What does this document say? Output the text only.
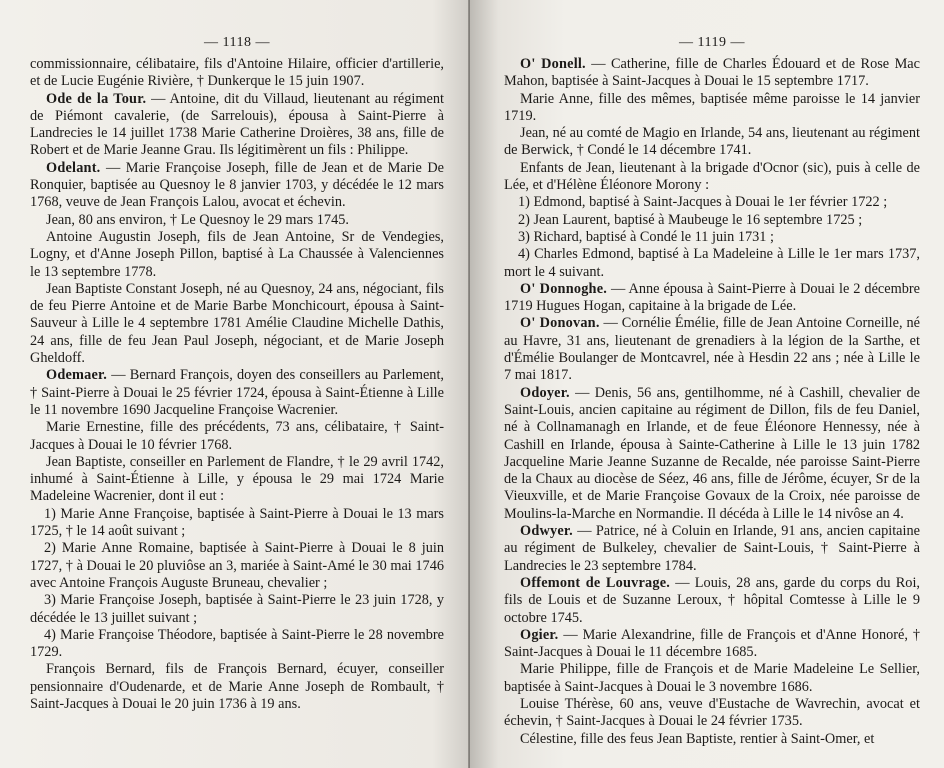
— 1118 —

commissionnaire, célibataire, fils d'Antoine Hilaire, officier d'artillerie, et de Lucie Eugénie Rivière, † Dunkerque le 15 juin 1907.

Ode de la Tour. — Antoine, dit du Villaud, lieutenant au régiment de Piémont cavalerie, (de Sarrelouis), épousa à Saint-Pierre à Landrecies le 14 juillet 1738 Marie Catherine Droières, 38 ans, fille de Robert et de Marie Jeanne Grau. Ils légitimèrent un fils : Philippe.

Odelant. — Marie Françoise Joseph, fille de Jean et de Marie De Ronquier, baptisée au Quesnoy le 8 janvier 1703, y décédée le 12 mars 1768, veuve de Jean François Lalou, avocat et échevin.

Jean, 80 ans environ, † Le Quesnoy le 29 mars 1745.

Antoine Augustin Joseph, fils de Jean Antoine, Sr de Vendegies, Logny, et d'Anne Joseph Pillon, baptisé à La Chaussée à Valenciennes le 13 septembre 1778.

Jean Baptiste Constant Joseph, né au Quesnoy, 24 ans, négociant, fils de feu Pierre Antoine et de Marie Barbe Monchicourt, épousa à Saint-Sauveur à Lille le 4 septembre 1781 Amélie Claudine Michelle Dathis, 24 ans, fille de feu Jean Paul Joseph, négociant, et de Marie Joseph Gheldoff.

Odemaer. — Bernard François, doyen des conseillers au Parlement, † Saint-Pierre à Douai le 25 février 1724, épousa à Saint-Étienne à Lille le 11 novembre 1690 Jacqueline Françoise Wacrenier.

Marie Ernestine, fille des précédents, 73 ans, célibataire, † Saint-Jacques à Douai le 10 février 1768.

Jean Baptiste, conseiller en Parlement de Flandre, † le 29 avril 1742, inhumé à Saint-Étienne à Lille, y épousa le 29 mai 1724 Marie Madeleine Wacrenier, dont il eut :

1) Marie Anne Françoise, baptisée à Saint-Pierre à Douai le 13 mars 1725, † le 14 août suivant ;

2) Marie Anne Romaine, baptisée à Saint-Pierre à Douai le 8 juin 1727, † à Douai le 20 pluviôse an 3, mariée à Saint-Amé le 30 mai 1746 avec Antoine François Auguste Bruneau, chevalier ;

3) Marie Françoise Joseph, baptisée à Saint-Pierre le 23 juin 1728, y décédée le 13 juillet suivant ;

4) Marie Françoise Théodore, baptisée à Saint-Pierre le 28 novembre 1729.

François Bernard, fils de François Bernard, écuyer, conseiller pensionnaire d'Oudenarde, et de Marie Anne Joseph de Rombault, † Saint-Jacques à Douai le 20 juin 1736 à 19 ans.

— 1119 —

O' Donell. — Catherine, fille de Charles Édouard et de Rose Mac Mahon, baptisée à Saint-Jacques à Douai le 15 septembre 1717.

Marie Anne, fille des mêmes, baptisée même paroisse le 14 janvier 1719.

Jean, né au comté de Magio en Irlande, 54 ans, lieutenant au régiment de Berwick, † Condé le 14 décembre 1741.

Enfants de Jean, lieutenant à la brigade d'Ocnor (sic), puis à celle de Lée, et d'Hélène Éléonore Morony :

1) Edmond, baptisé à Saint-Jacques à Douai le 1er février 1722 ;

2) Jean Laurent, baptisé à Maubeuge le 16 septembre 1725 ;

3) Richard, baptisé à Condé le 11 juin 1731 ;

4) Charles Edmond, baptisé à La Madeleine à Lille le 1er mars 1737, mort le 4 suivant.

O' Donnoghe. — Anne épousa à Saint-Pierre à Douai le 2 décembre 1719 Hugues Hogan, capitaine à la brigade de Lée.

O' Donovan. — Cornélie Émélie, fille de Jean Antoine Corneille, né au Havre, 31 ans, lieutenant de grenadiers à la légion de la Sarthe, et d'Émélie Boulanger de Montcavrel, née à Hesdin 22 ans ; née à Lille le 7 mai 1817.

Odoyer. — Denis, 56 ans, gentilhomme, né à Cashill, chevalier de Saint-Louis, ancien capitaine au régiment de Dillon, fils de feu Daniel, né à Collnamanagh en Irlande, et de feue Éléonore Hennessy, née à Cashill en Irlande, épousa à Sainte-Catherine à Lille le 13 juin 1782 Jacqueline Marie Jeanne Suzanne de Recalde, née paroisse Saint-Pierre de la Chaux au diocèse de Séez, 46 ans, fille de Jérôme, écuyer, Sr de la Vieuxville, et de Marie Françoise Govaux de la Croix, née paroisse de Moulins-la-Marche en Normandie. Il décéda à Lille le 14 nivôse an 4.

Odwyer. — Patrice, né à Coluin en Irlande, 91 ans, ancien capitaine au régiment de Bulkeley, chevalier de Saint-Louis, † Saint-Pierre à Landrecies le 23 septembre 1784.

Offemont de Louvrage. — Louis, 28 ans, garde du corps du Roi, fils de Louis et de Suzanne Leroux, † hôpital Comtesse à Lille le 9 octobre 1745.

Ogier. — Marie Alexandrine, fille de François et d'Anne Honoré, † Saint-Jacques à Douai le 11 décembre 1685.

Marie Philippe, fille de François et de Marie Madeleine Le Sellier, baptisée à Saint-Jacques à Douai le 3 novembre 1686.

Louise Thérèse, 60 ans, veuve d'Eustache de Wavrechin, avocat et échevin, † Saint-Jacques à Douai le 24 février 1735.

Célestine, fille des feus Jean Baptiste, rentier à Saint-Omer, et
